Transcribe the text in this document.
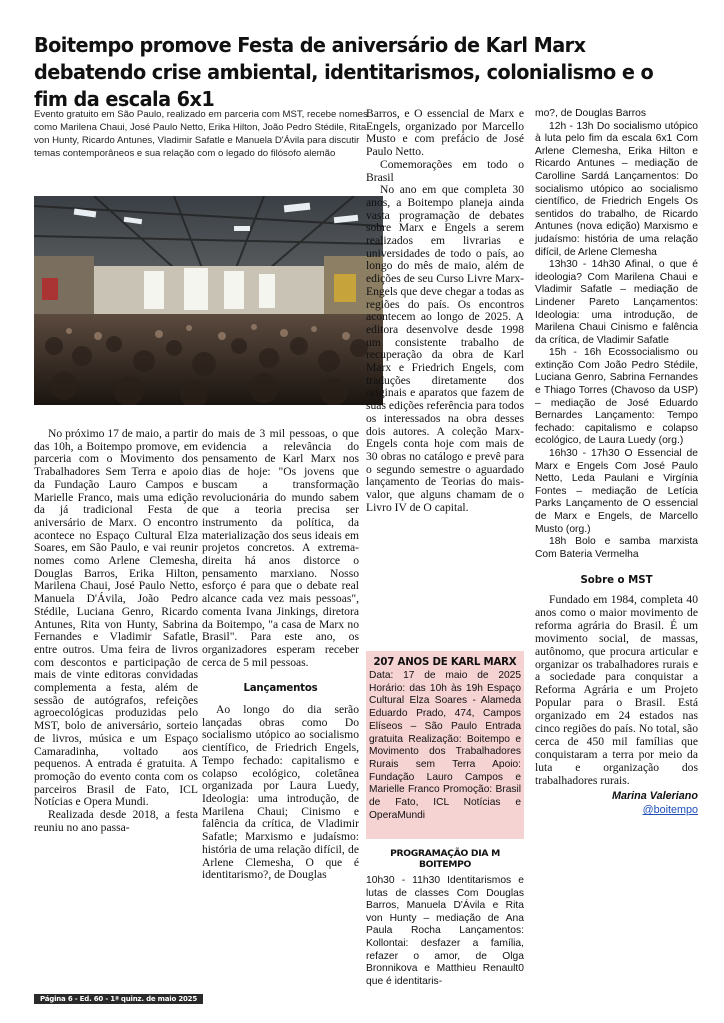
Boitempo promove Festa de aniversário de Karl Marx debatendo crise ambiental, identitarismos, colonialismo e o fim da escala 6x1

Evento gratuito em São Paulo, realizado em parceria com MST, recebe nomes como Marilena Chaui, José Paulo Netto, Erika Hilton, João Pedro Stédile, Rita von Hunty, Ricardo Antunes, Vladimir Safatle e Manuela D'Ávila para discutir temas contemporâneos e sua relação com o legado do filósofo alemão

No próximo 17 de maio, a partir das 10h, a Boitempo promove, em parceria com o Movimento dos Trabalhadores Sem Terra e apoio da Fundação Lauro Campos e Marielle Franco, mais uma edição da já tradicional Festa de aniversário de Marx. O encontro acontece no Espaço Cultural Elza Soares, em São Paulo, e vai reunir nomes como Arlene Clemesha, Douglas Barros, Erika Hilton, Marilena Chaui, José Paulo Netto, Manuela D'Ávila, João Pedro Stédile, Luciana Genro, Ricardo Antunes, Rita von Hunty, Sabrina Fernandes e Vladimir Safatle, entre outros. Uma feira de livros com descontos e participação de mais de vinte editoras convidadas complementa a festa, além de sessão de autógrafos, refeições agroecológicas produzidas pelo MST, bolo de aniversário, sorteio de livros, música e um Espaço Camaradinha, voltado aos pequenos. A entrada é gratuita. A promoção do evento conta com os parceiros Brasil de Fato, ICL Notícias e Opera Mundi.

Realizada desde 2018, a festa reuniu no ano passa-

do mais de 3 mil pessoas, o que evidencia a relevância do pensamento de Karl Marx nos dias de hoje: "Os jovens que buscam a transformação revolucionária do mundo sabem que a teoria precisa ser instrumento da política, da materialização dos seus ideais em projetos concretos. A extrema-direita há anos distorce o pensamento marxiano. Nosso esforço é para que o debate real alcance cada vez mais pessoas", comenta Ivana Jinkings, diretora da Boitempo, "a casa de Marx no Brasil". Para este ano, os organizadores esperam receber cerca de 5 mil pessoas.

Lançamentos

Ao longo do dia serão lançadas obras como Do socialismo utópico ao socialismo científico, de Friedrich Engels, Tempo fechado: capitalismo e colapso ecológico, coletânea organizada por Laura Luedy, Ideologia: uma introdução, de Marilena Chaui; Cinismo e falência da crítica, de Vladimir Safatle; Marxismo e judaísmo: história de uma relação difícil, de Arlene Clemesha, O que é identitarismo?, de Douglas

Barros, e O essencial de Marx e Engels, organizado por Marcello Musto e com prefácio de José Paulo Netto.

Comemorações em todo o Brasil

No ano em que completa 30 anos, a Boitempo planeja ainda vasta programação de debates sobre Marx e Engels a serem realizados em livrarias e universidades de todo o país, ao longo do mês de maio, além de edições de seu Curso Livre Marx-Engels que deve chegar a todas as regiões do país. Os encontros acontecem ao longo de 2025. A editora desenvolve desde 1998 um consistente trabalho de recuperação da obra de Karl Marx e Friedrich Engels, com traduções diretamente dos originais e aparatos que fazem de suas edições referência para todos os interessados na obra desses dois autores. A coleção Marx-Engels conta hoje com mais de 30 obras no catálogo e prevê para o segundo semestre o aguardado lançamento de Teorias do mais-valor, que alguns chamam de o Livro IV de O capital.

207 ANOS DE KARL MARX
Data: 17 de maio de 2025 Horário: das 10h às 19h Espaço Cultural Elza Soares - Alameda Eduardo Prado, 474, Campos Elíseos – São Paulo Entrada gratuita Realização: Boitempo e Movimento dos Trabalhadores Rurais sem Terra Apoio: Fundação Lauro Campos e Marielle Franco Promoção: Brasil de Fato, ICL Notícias e OperaMundi
PROGRAMAÇÃO DIA M BOITEMPO
10h30 - 11h30 Identitarismos e lutas de classes Com Douglas Barros, Manuela D'Ávila e Rita von Hunty – mediação de Ana Paula Rocha Lançamentos: Kollontai: desfazer a família, refazer o amor, de Olga Bronnikova e Matthieu Renault0 que é identitaris-

mo?, de Douglas Barros

12h - 13h Do socialismo utópico à luta pelo fim da escala 6x1 Com Arlene Clemesha, Erika Hilton e Ricardo Antunes – mediação de Carolline Sardá Lançamentos: Do socialismo utópico ao socialismo científico, de Friedrich Engels Os sentidos do trabalho, de Ricardo Antunes (nova edição) Marxismo e judaísmo: história de uma relação difícil, de Arlene Clemesha

13h30 - 14h30 Afinal, o que é ideologia? Com Marilena Chaui e Vladimir Safatle – mediação de Lindener Pareto Lançamentos: Ideologia: uma introdução, de Marilena Chaui Cinismo e falência da crítica, de Vladimir Safatle

15h - 16h Ecossocialismo ou extinção Com João Pedro Stédile, Luciana Genro, Sabrina Fernandes e Thiago Torres (Chavoso da USP) – mediação de José Eduardo Bernardes Lançamento: Tempo fechado: capitalismo e colapso ecológico, de Laura Luedy (org.)

16h30 - 17h30 O Essencial de Marx e Engels Com José Paulo Netto, Leda Paulani e Virgínia Fontes – mediação de Letícia Parks Lançamento de O essencial de Marx e Engels, de Marcello Musto (org.)

18h Bolo e samba marxista Com Bateria Vermelha

Sobre o MST

Fundado em 1984, completa 40 anos como o maior movimento de reforma agrária do Brasil. É um movimento social, de massas, autônomo, que procura articular e organizar os trabalhadores rurais e a sociedade para conquistar a Reforma Agrária e um Projeto Popular para o Brasil. Está organizado em 24 estados nas cinco regiões do país. No total, são cerca de 450 mil famílias que conquistaram a terra por meio da luta e organização dos trabalhadores rurais.

Marina Valeriano
@boitempo
Página 6 - Ed. 60 - 1ª quinz. de maio 2025
